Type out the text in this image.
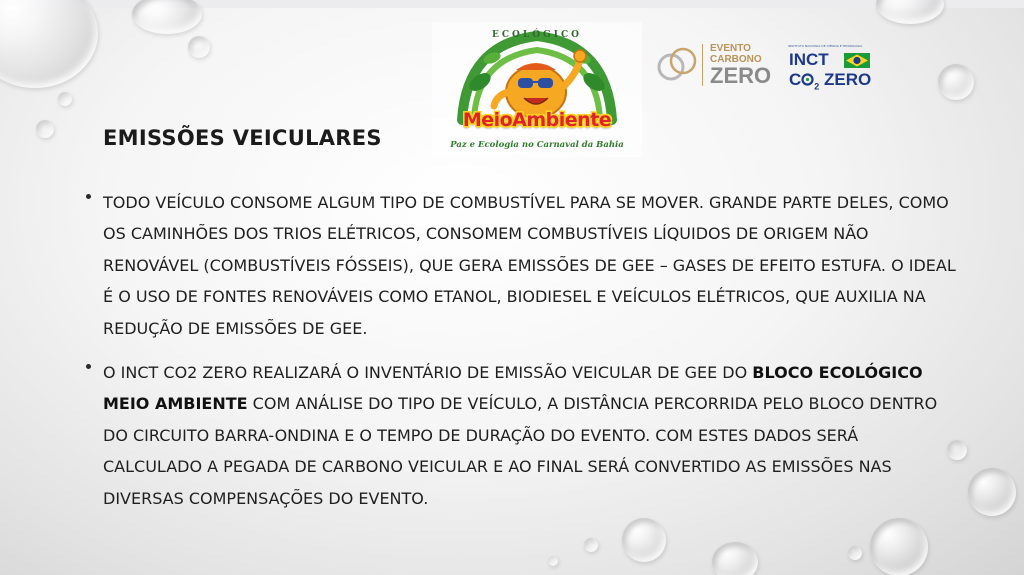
ECOLÓGICO
MeioAmbiente
Paz e Ecologia no Carnaval da Bahia
EVENTO
CARBONO
ZERO
INSTITUTO NACIONAL DE CIÊNCIA E TECNOLOGIA
INCT
C $_2$ ZERO
EMISSÕES VEICULARES
TODO VEÍCULO CONSOME ALGUM TIPO DE COMBUSTÍVEL PARA SE MOVER. GRANDE PARTE DELES, COMO OS CAMINHÕES DOS TRIOS ELÉTRICOS, CONSOMEM COMBUSTÍVEIS LÍQUIDOS DE ORIGEM NÃO RENOVÁVEL (COMBUSTÍVEIS FÓSSEIS), QUE GERA EMISSÕES DE GEE – GASES DE EFEITO ESTUFA. O IDEAL É O USO DE FONTES RENOVÁVEIS COMO ETANOL, BIODIESEL E VEÍCULOS ELÉTRICOS, QUE AUXILIA NA REDUÇÃO DE EMISSÕES DE GEE.
O INCT CO2 ZERO REALIZARÁ O INVENTÁRIO DE EMISSÃO VEICULAR DE GEE DO BLOCO ECOLÓGICO MEIO AMBIENTE COM ANÁLISE DO TIPO DE VEÍCULO, A DISTÂNCIA PERCORRIDA PELO BLOCO DENTRO DO CIRCUITO BARRA-ONDINA E O TEMPO DE DURAÇÃO DO EVENTO. COM ESTES DADOS SERÁ CALCULADO A PEGADA DE CARBONO VEICULAR E AO FINAL SERÁ CONVERTIDO AS EMISSÕES NAS DIVERSAS COMPENSAÇÕES DO EVENTO.
